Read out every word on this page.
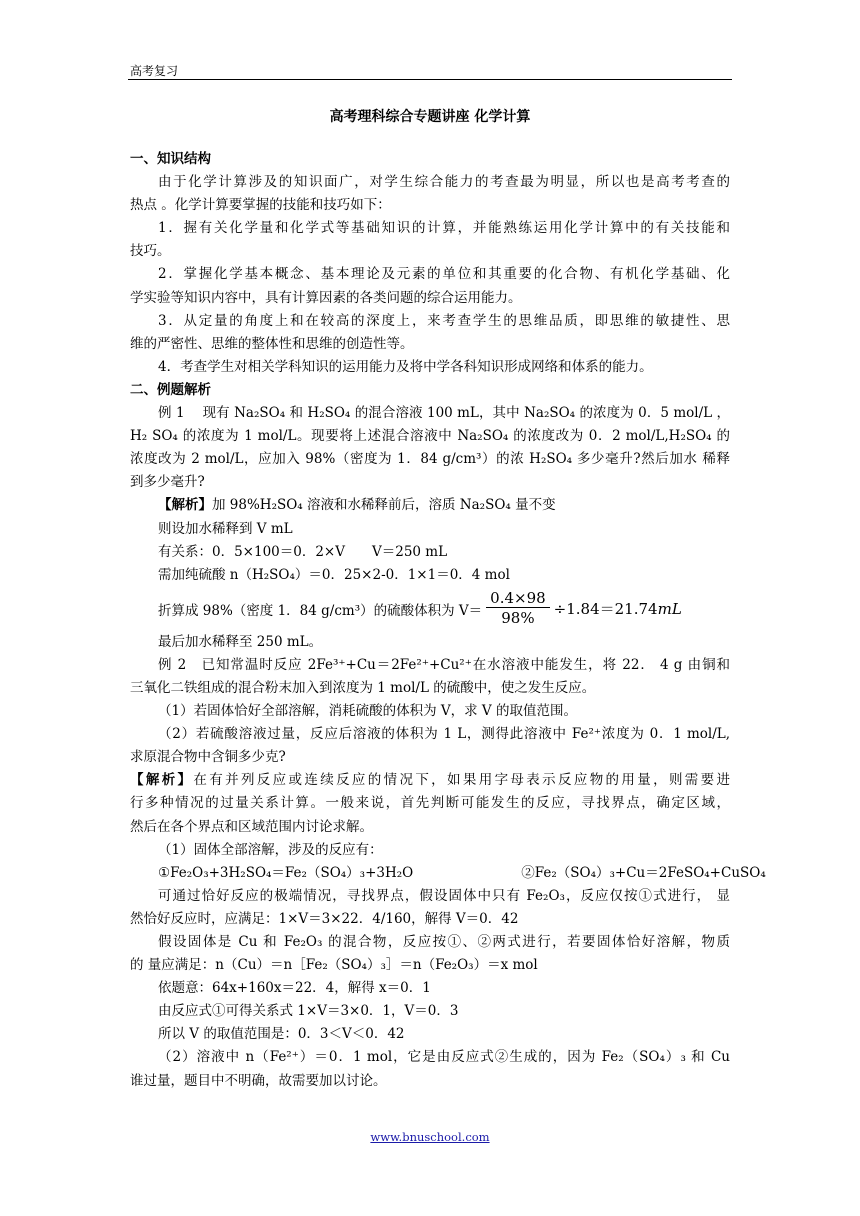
高考复习
高考理科综合专题讲座 化学计算
一、知识结构
由于化学计算涉及的知识面广，对学生综合能力的考查最为明显，所以也是高考考查的
热点 。化学计算要掌握的技能和技巧如下：
1．握有关化学量和化学式等基础知识的计算，并能熟练运用化学计算中的有关技能和
技巧。
2．掌握化学基本概念、基本理论及元素的单位和其重要的化合物、有机化学基础、化
学实验等知识内容中，具有计算因素的各类问题的综合运用能力。
3．从定量的角度上和在较高的深度上，来考查学生的思维品质，即思维的敏捷性、思
维的严密性、思维的整体性和思维的创造性等。
4．考查学生对相关学科知识的运用能力及将中学各科知识形成网络和体系的能力。
二、例题解析
例 1　 现有 Na₂SO₄ 和 H₂SO₄ 的混合溶液 100 mL，其中 Na₂SO₄ 的浓度为 0．5 mol/L ，
H₂ SO₄ 的浓度为 1 mol/L。现要将上述混合溶液中 Na₂SO₄ 的浓度改为 0．2 mol/L,H₂SO₄ 的
浓度改为 2 mol/L，应加入 98%（密度为 1．84 g/cm³）的浓 H₂SO₄ 多少毫升?然后加水 稀释
到多少毫升?
【解析】加 98%H₂SO₄ 溶液和水稀释前后，溶质 Na₂SO₄ 量不变
则设加水稀释到 V mL
有关系：0．5×100＝0．2×V　　V＝250 mL
需加纯硫酸 n（H₂SO₄）＝0．25×2-0．1×1＝0．4 mol
折算成 98%（密度 1．84 g/cm³）的硫酸体积为 $V= \frac{0.4\times 98}{98\%} \div 1.84=21.74$ mL
最后加水稀释至 250 mL。
例 2　已知常温时反应 2Fe³⁺+Cu＝2Fe²⁺+Cu²⁺在水溶液中能发生，将 22． 4 g 由铜和
三氧化二铁组成的混合粉末加入到浓度为 1 mol/L 的硫酸中，使之发生反应。
（1）若固体恰好全部溶解，消耗硫酸的体积为 V，求 V 的取值范围。
（2）若硫酸溶液过量，反应后溶液的体积为 1 L，测得此溶液中 Fe²⁺浓度为 0．1 mol/L,
求原混合物中含铜多少克?
【解析】在有并列反应或连续反应的情况下，如果用字母表示反应物的用量，则需要进
行多种情况的过量关系计算。一般来说，首先判断可能发生的反应，寻找界点，确定区域，
然后在各个界点和区域范围内讨论求解。
（1）固体全部溶解，涉及的反应有：
①Fe₂O₃+3H₂SO₄＝Fe₂（SO₄）₃+3H₂O　　　　　　　　②Fe₂（SO₄）₃+Cu＝2FeSO₄+CuSO₄
可通过恰好反应的极端情况，寻找界点，假设固体中只有 Fe₂O₃，反应仅按①式进行， 显
然恰好反应时，应满足：1×V＝3×22．4/160，解得 V＝0．42
假设固体是 Cu 和 Fe₂O₃ 的混合物，反应按①、②两式进行，若要固体恰好溶解，物质
的 量应满足：n（Cu）＝n［Fe₂（SO₄）₃］＝n（Fe₂O₃）＝x mol
依题意：64x+160x＝22．4，解得 x＝0．1
由反应式①可得关系式 1×V＝3×0．1，V＝0．3
所以 V 的取值范围是：0．3＜V＜0．42
（2）溶液中 n（Fe²⁺）＝0．1 mol，它是由反应式②生成的，因为 Fe₂（SO₄）₃ 和 Cu
谁过量，题目中不明确，故需要加以讨论。
www.bnuschool.com
